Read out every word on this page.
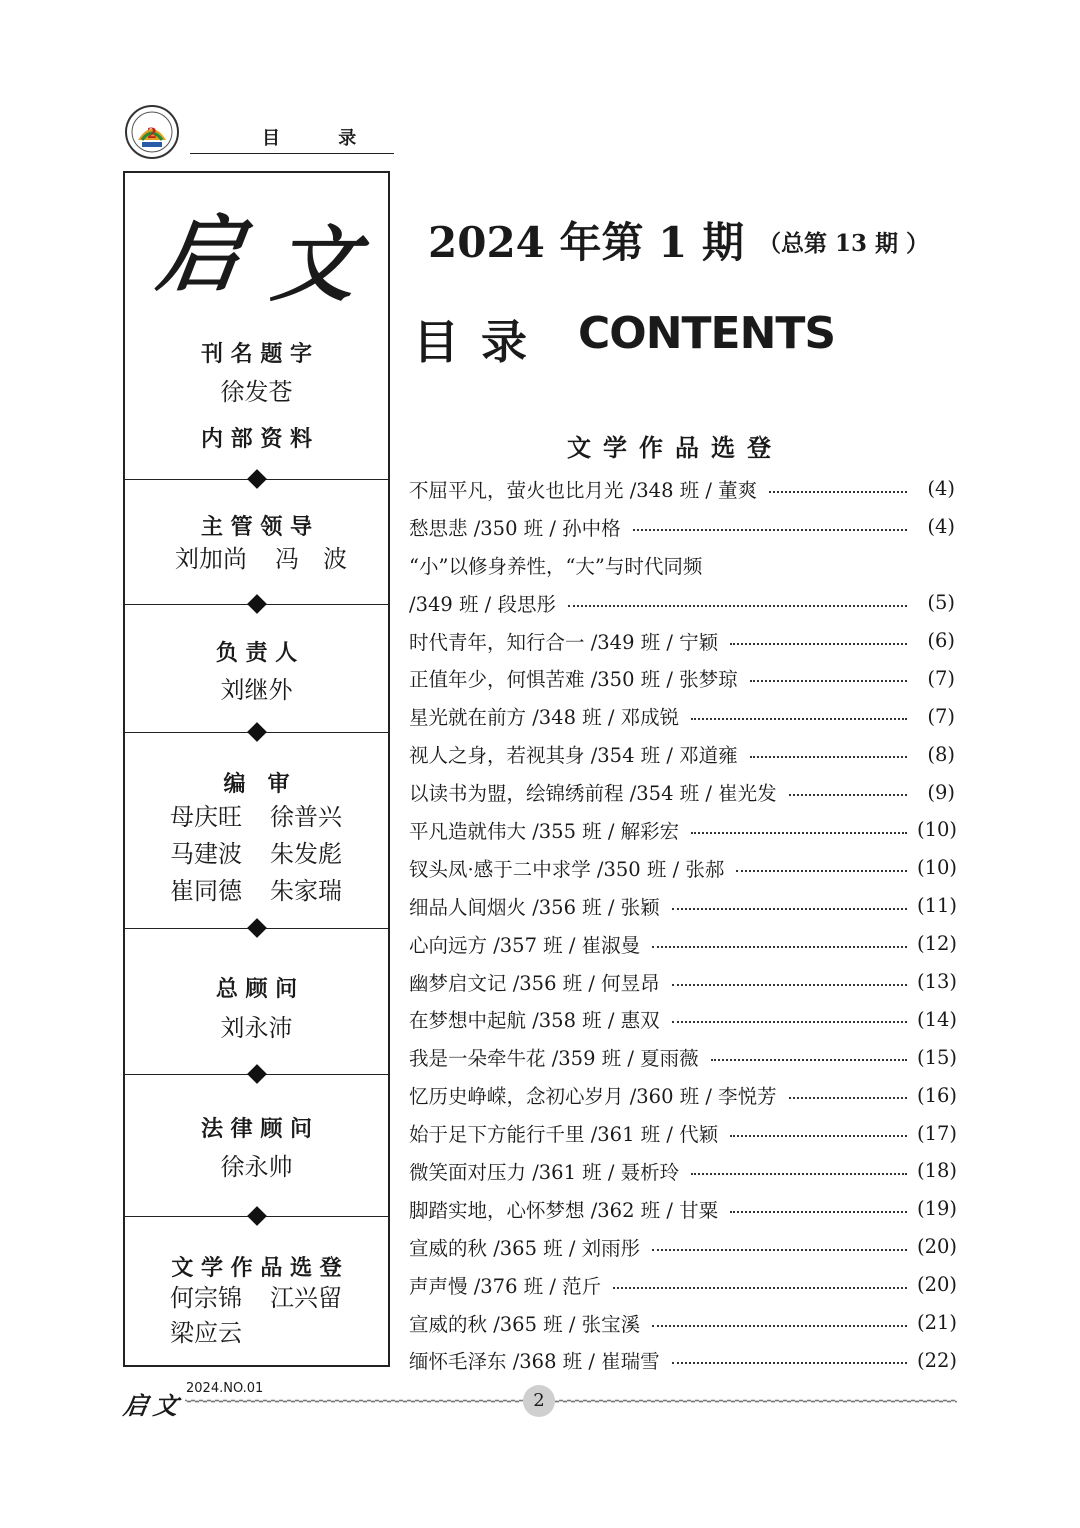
2	目 录
启 文
刊 名 题 字
徐发苍
内 部 资 料
主 管 领 导
刘加尚 冯　波
负 责 人
刘继外
编　审
母庆旺 徐普兴
马建波 朱发彪
崔同德 朱家瑞
总 顾 问
刘永沛
法 律 顾 问
徐永帅
文 学 作 品 选 登
何宗锦 江兴留
梁应云
2024 年第 1 期 （总第 13 期 ）
目录 CONTENTS
文学作品选登
不屈平凡，萤火也比月光 /348 班 / 董爽	(4)
愁思悲 /350 班 / 孙中格	(4)
“小”以修身养性，“大”与时代同频
/349 班 / 段思彤	(5)
时代青年，知行合一 /349 班 / 宁颖	(6)
正值年少，何惧苦难 /350 班 / 张梦琼	(7)
星光就在前方 /348 班 / 邓成锐	(7)
视人之身，若视其身 /354 班 / 邓道雍	(8)
以读书为盟，绘锦绣前程 /354 班 / 崔光发	(9)
平凡造就伟大 /355 班 / 解彩宏	(10)
钗头凤·感于二中求学 /350 班 / 张郝	(10)
细品人间烟火 /356 班 / 张颖	(11)
心向远方 /357 班 / 崔淑曼	(12)
幽梦启文记 /356 班 / 何昱昂	(13)
在梦想中起航 /358 班 / 惠双	(14)
我是一朵牵牛花 /359 班 / 夏雨薇	(15)
忆历史峥嵘，念初心岁月 /360 班 / 李悦芳	(16)
始于足下方能行千里 /361 班 / 代颖	(17)
微笑面对压力 /361 班 / 聂析玲	(18)
脚踏实地，心怀梦想 /362 班 / 甘粟	(19)
宣威的秋 /365 班 / 刘雨彤	(20)
声声慢 /376 班 / 范斤	(20)
宣威的秋 /365 班 / 张宝溪	(21)
缅怀毛泽东 /368 班 / 崔瑞雪	(22)
启文
2024.NO.01
2
